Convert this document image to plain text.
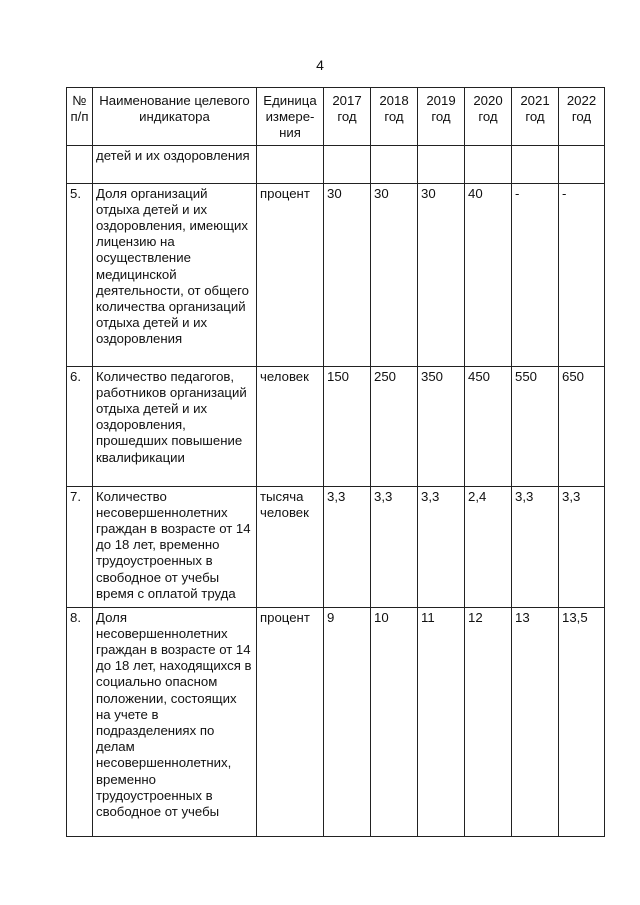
4
№ п/п	Наименование целевого индикатора	Единица измере-ния	2017 год	2018 год	2019 год	2020 год	2021 год	2022 год
	детей и их оздоровления							
5.	Доля организаций отдыха детей и их оздоровления, имеющих лицензию на осуществление медицинской деятельности, от общего количества организаций отдыха детей и их оздоровления	процент	30	30	30	40	-	-
6.	Количество педагогов, работников организаций отдыха детей и их оздоровления, прошедших повышение квалификации	человек	150	250	350	450	550	650
7.	Количество несовершеннолетних граждан в возрасте от 14 до 18 лет, временно трудоустроенных в свободное от учебы время с оплатой труда	тысяча человек	3,3	3,3	3,3	2,4	3,3	3,3
8.	Доля несовершеннолетних граждан в возрасте от 14 до 18 лет, находящихся в социально опасном положении, состоящих на учете в подразделениях по делам несовершеннолетних, временно трудоустроенных в свободное от учебы	процент	9	10	11	12	13	13,5
